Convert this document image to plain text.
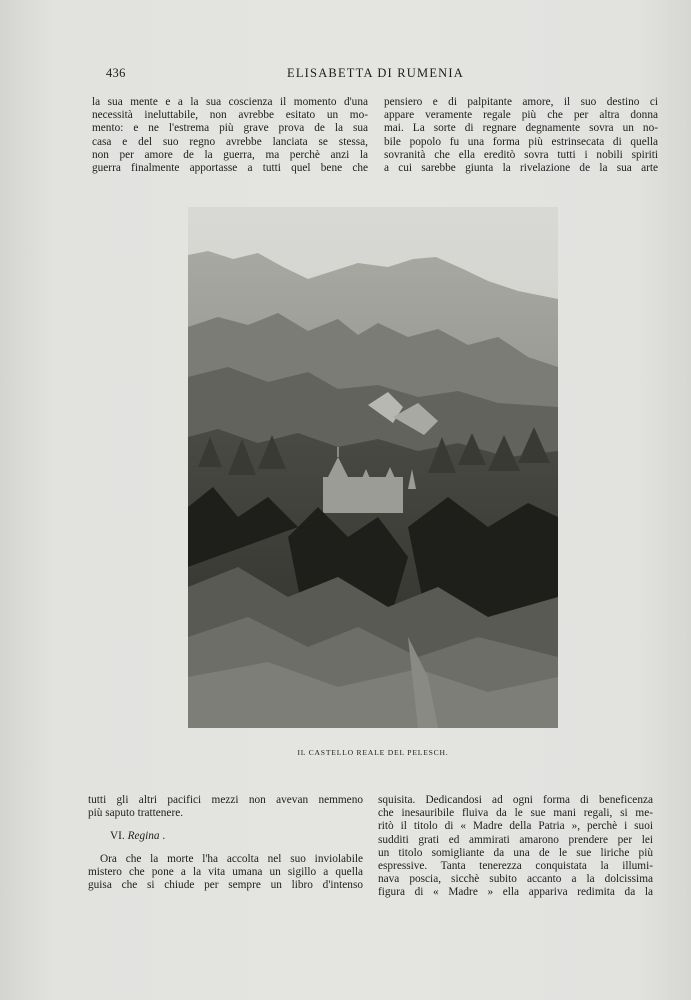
436	ELISABETTA DI RUMENIA

la sua mente e a la sua coscienza il momento d'una

necessità ineluttabile, non avrebbe esitato un mo-

mento: e ne l'estrema più grave prova de la sua

casa e del suo regno avrebbe lanciata se stessa,

non per amore de la guerra, ma perchè anzi la

guerra finalmente apportasse a tutti quel bene che

pensiero e di palpitante amore, il suo destino ci

appare veramente regale più che per altra donna

mai. La sorte di regnare degnamente sovra un no-

bile popolo fu una forma più estrinsecata di quella

sovranità che ella ereditò sovra tutti i nobili spiriti

a cui sarebbe giunta la rivelazione de la sua arte

IL CASTELLO REALE DEL PELESCH.

tutti gli altri pacifici mezzi non avevan nemmeno

più saputo trattenere.

VI. Regina .

Ora che la morte l'ha accolta nel suo inviolabile

mistero che pone a la vita umana un sigillo a quella

guisa che si chiude per sempre un libro d'intenso

squisita. Dedicandosi ad ogni forma di beneficenza

che inesauribile fluiva da le sue mani regali, si me-

ritò il titolo di « Madre della Patria », perchè i suoi

sudditi grati ed ammirati amarono prendere per lei

un titolo somigliante da una de le sue liriche più

espressive. Tanta tenerezza conquistata la illumi-

nava poscia, sicchè subito accanto a la dolcissima

figura di « Madre » ella appariva redimita da la
